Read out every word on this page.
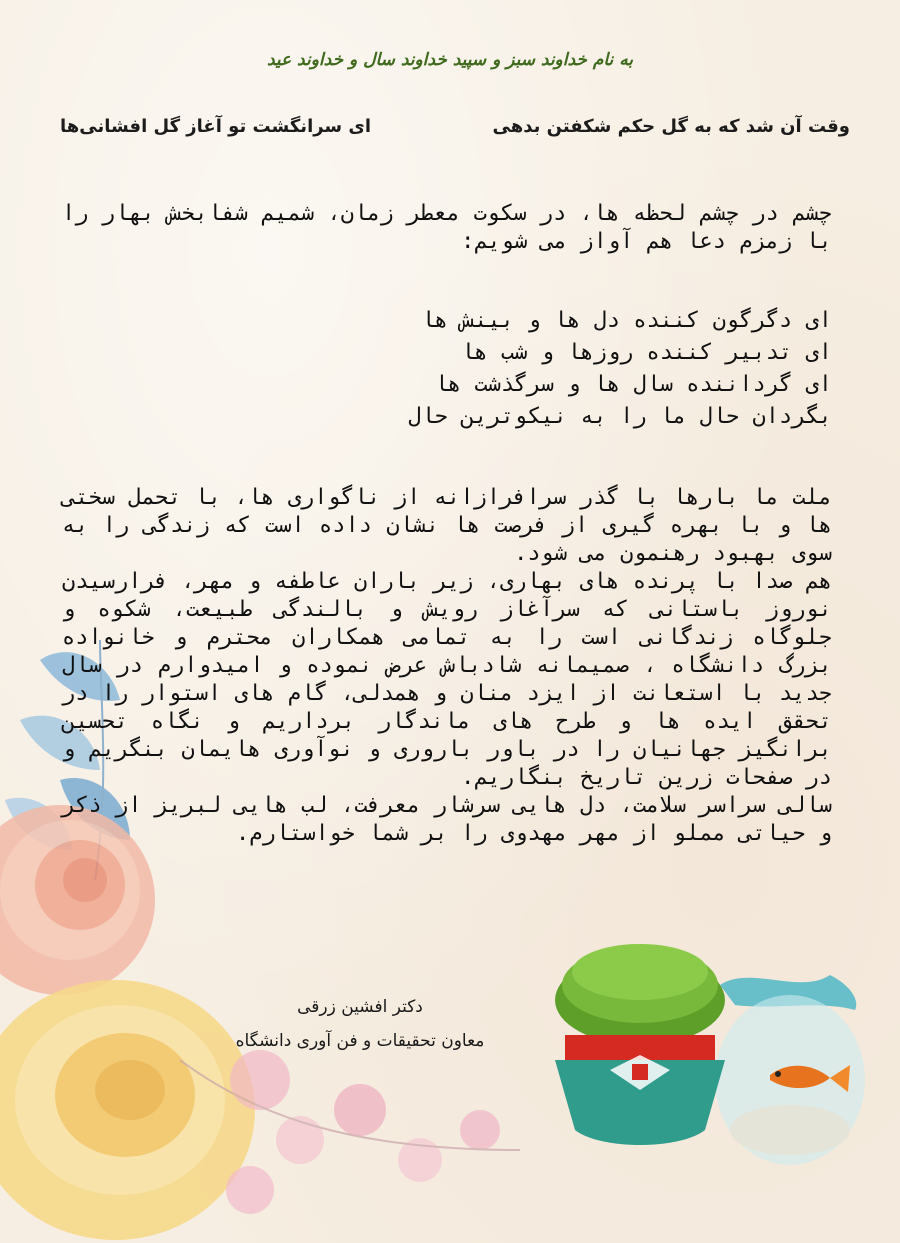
به نام خداوند سبز و سپید خداوند سال و خداوند عید
وقت آن شد که به گل حکم شکفتن بدهی
ای سرانگشت تو آغاز گل افشانی‌ها
چشم در چشم لحظه ها، در سکوت معطر زمان، شمیم شفابخش بهار را با زمزم دعا هم آواز می شویم:
ای دگرگون کننده دل ها و بینش ها
ای تدبیر کننده روزها و شب ها
ای گرداننده سال ها و سرگذشت ها
بگردان حال ما را به نیکوترین حال

ملت ما بارها با گذر سرافرازانه از ناگواری ها، با تحمل سختی ها و با بهره گیری از فرصت ها نشان داده است که زندگی را به سوی بهبود رهنمون می شود.

هم صدا با پرنده های بهاری، زیر باران عاطفه و مهر، فرارسیدن نوروز باستانی که سرآغاز رویش و بالندگی طبیعت، شکوه و جلوگاه زندگانی است را به تمامی همکاران محترم و خانواده بزرگ دانشگاه ، صمیمانه شادباش عرض نموده و امیدوارم در سال جدید با استعانت از ایزد منان و همدلی، گام های استوار را در تحقق ایده ها و طرح های ماندگار برداریم و نگاه تحسین برانگیز جهانیان را در باور باروری و نوآوری هایمان بنگریم و در صفحات زرین تاریخ بنگاریم.

سالی سراسر سلامت، دل هایی سرشار معرفت، لب هایی لبریز از ذکر و حیاتی مملو از مهر مهدوی را بر شما خواستارم.

دکتر افشین زرقی
معاون تحقیقات و فن آوری دانشگاه
